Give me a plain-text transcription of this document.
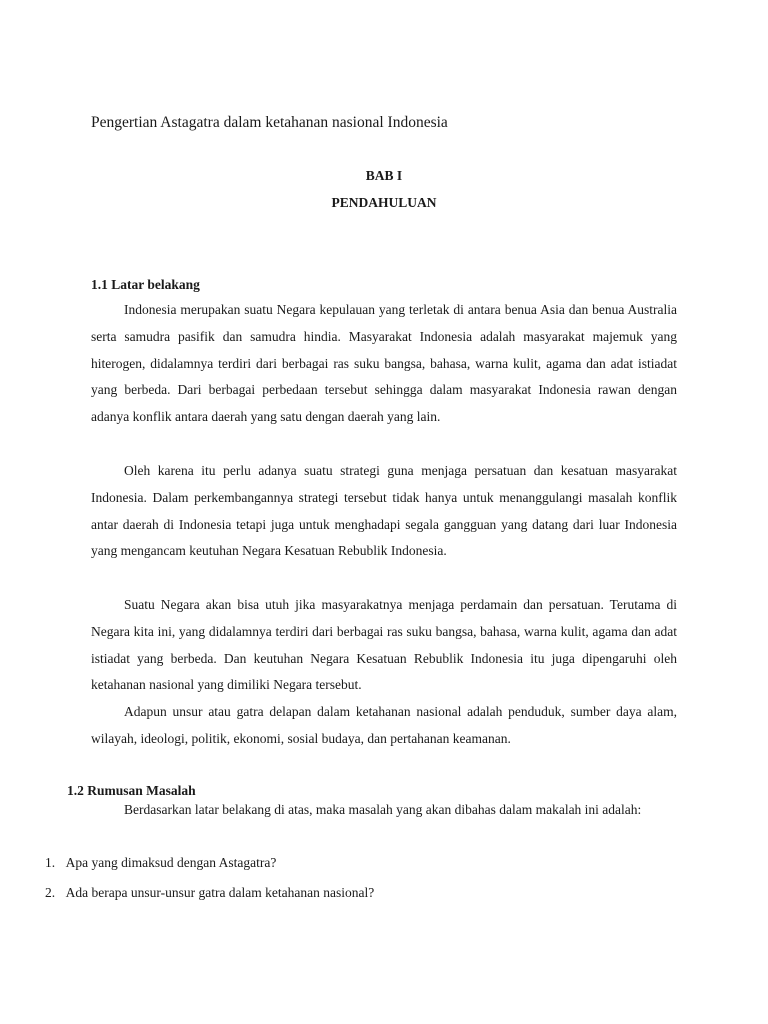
Pengertian Astagatra dalam ketahanan nasional Indonesia
BAB I
PENDAHULUAN
1.1 Latar belakang

Indonesia merupakan suatu Negara kepulauan yang terletak di antara benua Asia dan benua Australia serta samudra pasifik dan samudra hindia. Masyarakat Indonesia adalah masyarakat majemuk yang hiterogen, didalamnya terdiri dari berbagai ras suku bangsa, bahasa, warna kulit, agama dan adat istiadat yang berbeda. Dari berbagai perbedaan tersebut sehingga dalam masyarakat Indonesia rawan dengan adanya konflik antara daerah yang satu dengan daerah yang lain.

Oleh karena itu perlu adanya suatu strategi guna menjaga persatuan dan kesatuan masyarakat Indonesia. Dalam perkembangannya strategi tersebut tidak hanya untuk menanggulangi masalah konflik antar daerah di Indonesia tetapi juga untuk menghadapi segala gangguan yang datang dari luar Indonesia yang mengancam keutuhan Negara Kesatuan Rebublik Indonesia.

Suatu Negara akan bisa utuh jika masyarakatnya menjaga perdamain dan persatuan. Terutama di Negara kita ini, yang didalamnya terdiri dari berbagai ras suku bangsa, bahasa, warna kulit, agama dan adat istiadat yang berbeda. Dan keutuhan Negara Kesatuan Rebublik Indonesia itu juga dipengaruhi oleh ketahanan nasional yang dimiliki Negara tersebut.

Adapun unsur atau gatra delapan dalam ketahanan nasional adalah penduduk, sumber daya alam, wilayah, ideologi, politik, ekonomi, sosial budaya, dan pertahanan keamanan.

1.2 Rumusan Masalah

Berdasarkan latar belakang di atas, maka masalah yang akan dibahas dalam makalah ini adalah:

1. Apa yang dimaksud dengan Astagatra?
2. Ada berapa unsur-unsur gatra dalam ketahanan nasional?
